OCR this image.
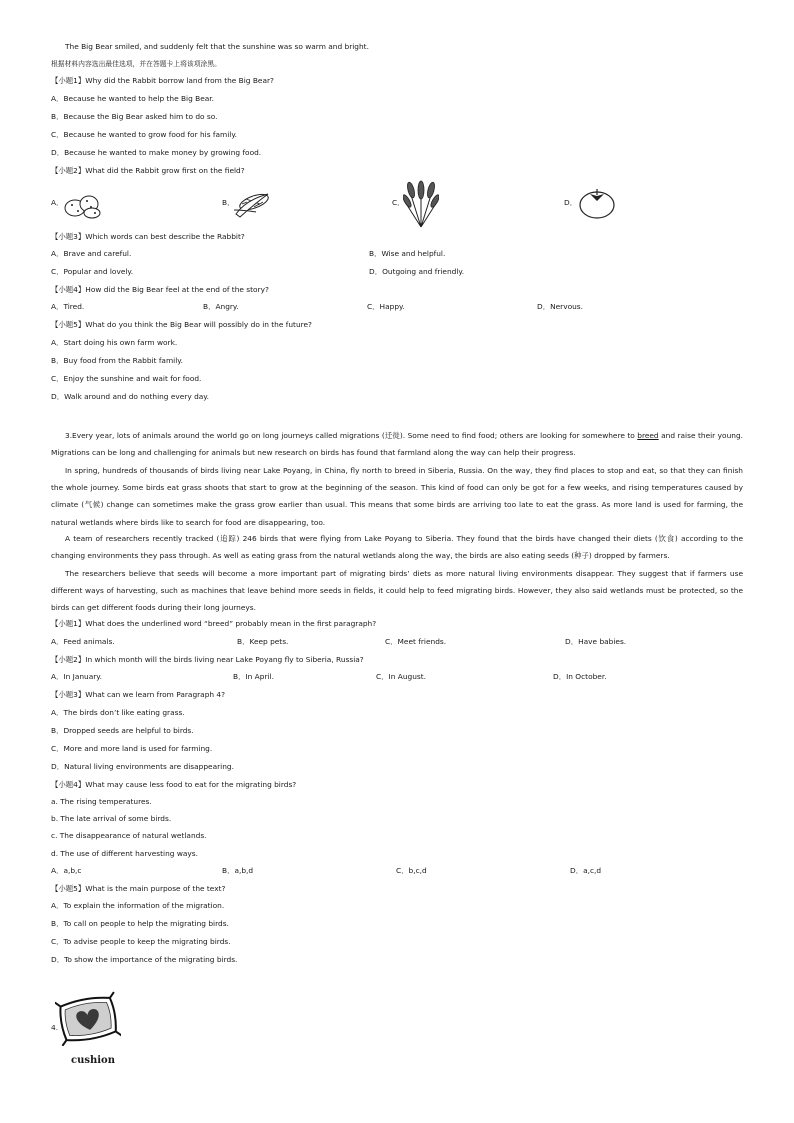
The Big Bear smiled, and suddenly felt that the sunshine was so warm and bright.
根据材料内容选出最佳选项，并在答题卡上将该项涂黑。
【小题1】Why did the Rabbit borrow land from the Big Bear?
A．Because he wanted to help the Big Bear.
B．Because the Big Bear asked him to do so.
C．Because he wanted to grow food for his family.
D．Because he wanted to make money by growing food.
【小题2】What did the Rabbit grow first on the field?
A．	B．	C．	D．
【小题3】Which words can best describe the Rabbit?
A．Brave and careful.	B．Wise and helpful.
C．Popular and lovely.	D．Outgoing and friendly.
【小题4】How did the Big Bear feel at the end of the story?
A．Tired.	B．Angry.	C．Happy.	D．Nervous.
【小题5】What do you think the Big Bear will possibly do in the future?
A．Start doing his own farm work.
B．Buy food from the Rabbit family.
C．Enjoy the sunshine and wait for food.
D．Walk around and do nothing every day.
3.Every year, lots of animals around the world go on long journeys called migrations (迁徙). Some need to find food; others are looking for somewhere to breed and raise their young. Migrations can be long and challenging for animals but new research on birds has found that farmland along the way can help their progress.
In spring, hundreds of thousands of birds living near Lake Poyang, in China, fly north to breed in Siberia, Russia. On the way, they find places to stop and eat, so that they can finish the whole journey. Some birds eat grass shoots that start to grow at the beginning of the season. This kind of food can only be got for a few weeks, and rising temperatures caused by climate (气候) change can sometimes make the grass grow earlier than usual. This means that some birds are arriving too late to eat the grass. As more land is used for farming, the natural wetlands where birds like to search for food are disappearing, too.
A team of researchers recently tracked (追踪) 246 birds that were flying from Lake Poyang to Siberia. They found that the birds have changed their diets (饮食) according to the changing environments they pass through. As well as eating grass from the natural wetlands along the way, the birds are also eating seeds (种子) dropped by farmers.
The researchers believe that seeds will become a more important part of migrating birds’ diets as more natural living environments disappear. They suggest that if farmers use different ways of harvesting, such as machines that leave behind more seeds in fields, it could help to feed migrating birds. However, they also said wetlands must be protected, so the birds can get different foods during their long journeys.
【小题1】What does the underlined word “breed” probably mean in the first paragraph?
A．Feed animals.	B．Keep pets.	C．Meet friends.	D．Have babies.
【小题2】In which month will the birds living near Lake Poyang fly to Siberia, Russia?
A．In January.	B．In April.	C．In August.	D．In October.
【小题3】What can we learn from Paragraph 4?
A．The birds don’t like eating grass.
B．Dropped seeds are helpful to birds.
C．More and more land is used for farming.
D．Natural living environments are disappearing.
【小题4】What may cause less food to eat for the migrating birds?
a. The rising temperatures.
b. The late arrival of some birds.
c. The disappearance of natural wetlands.
d. The use of different harvesting ways.
A．a,b,c	B．a,b,d	C．b,c,d	D．a,c,d
【小题5】What is the main purpose of the text?
A．To explain the information of the migration.
B．To call on people to help the migrating birds.
C．To advise people to keep the migrating birds.
D．To show the importance of the migrating birds.
4.
cushion
